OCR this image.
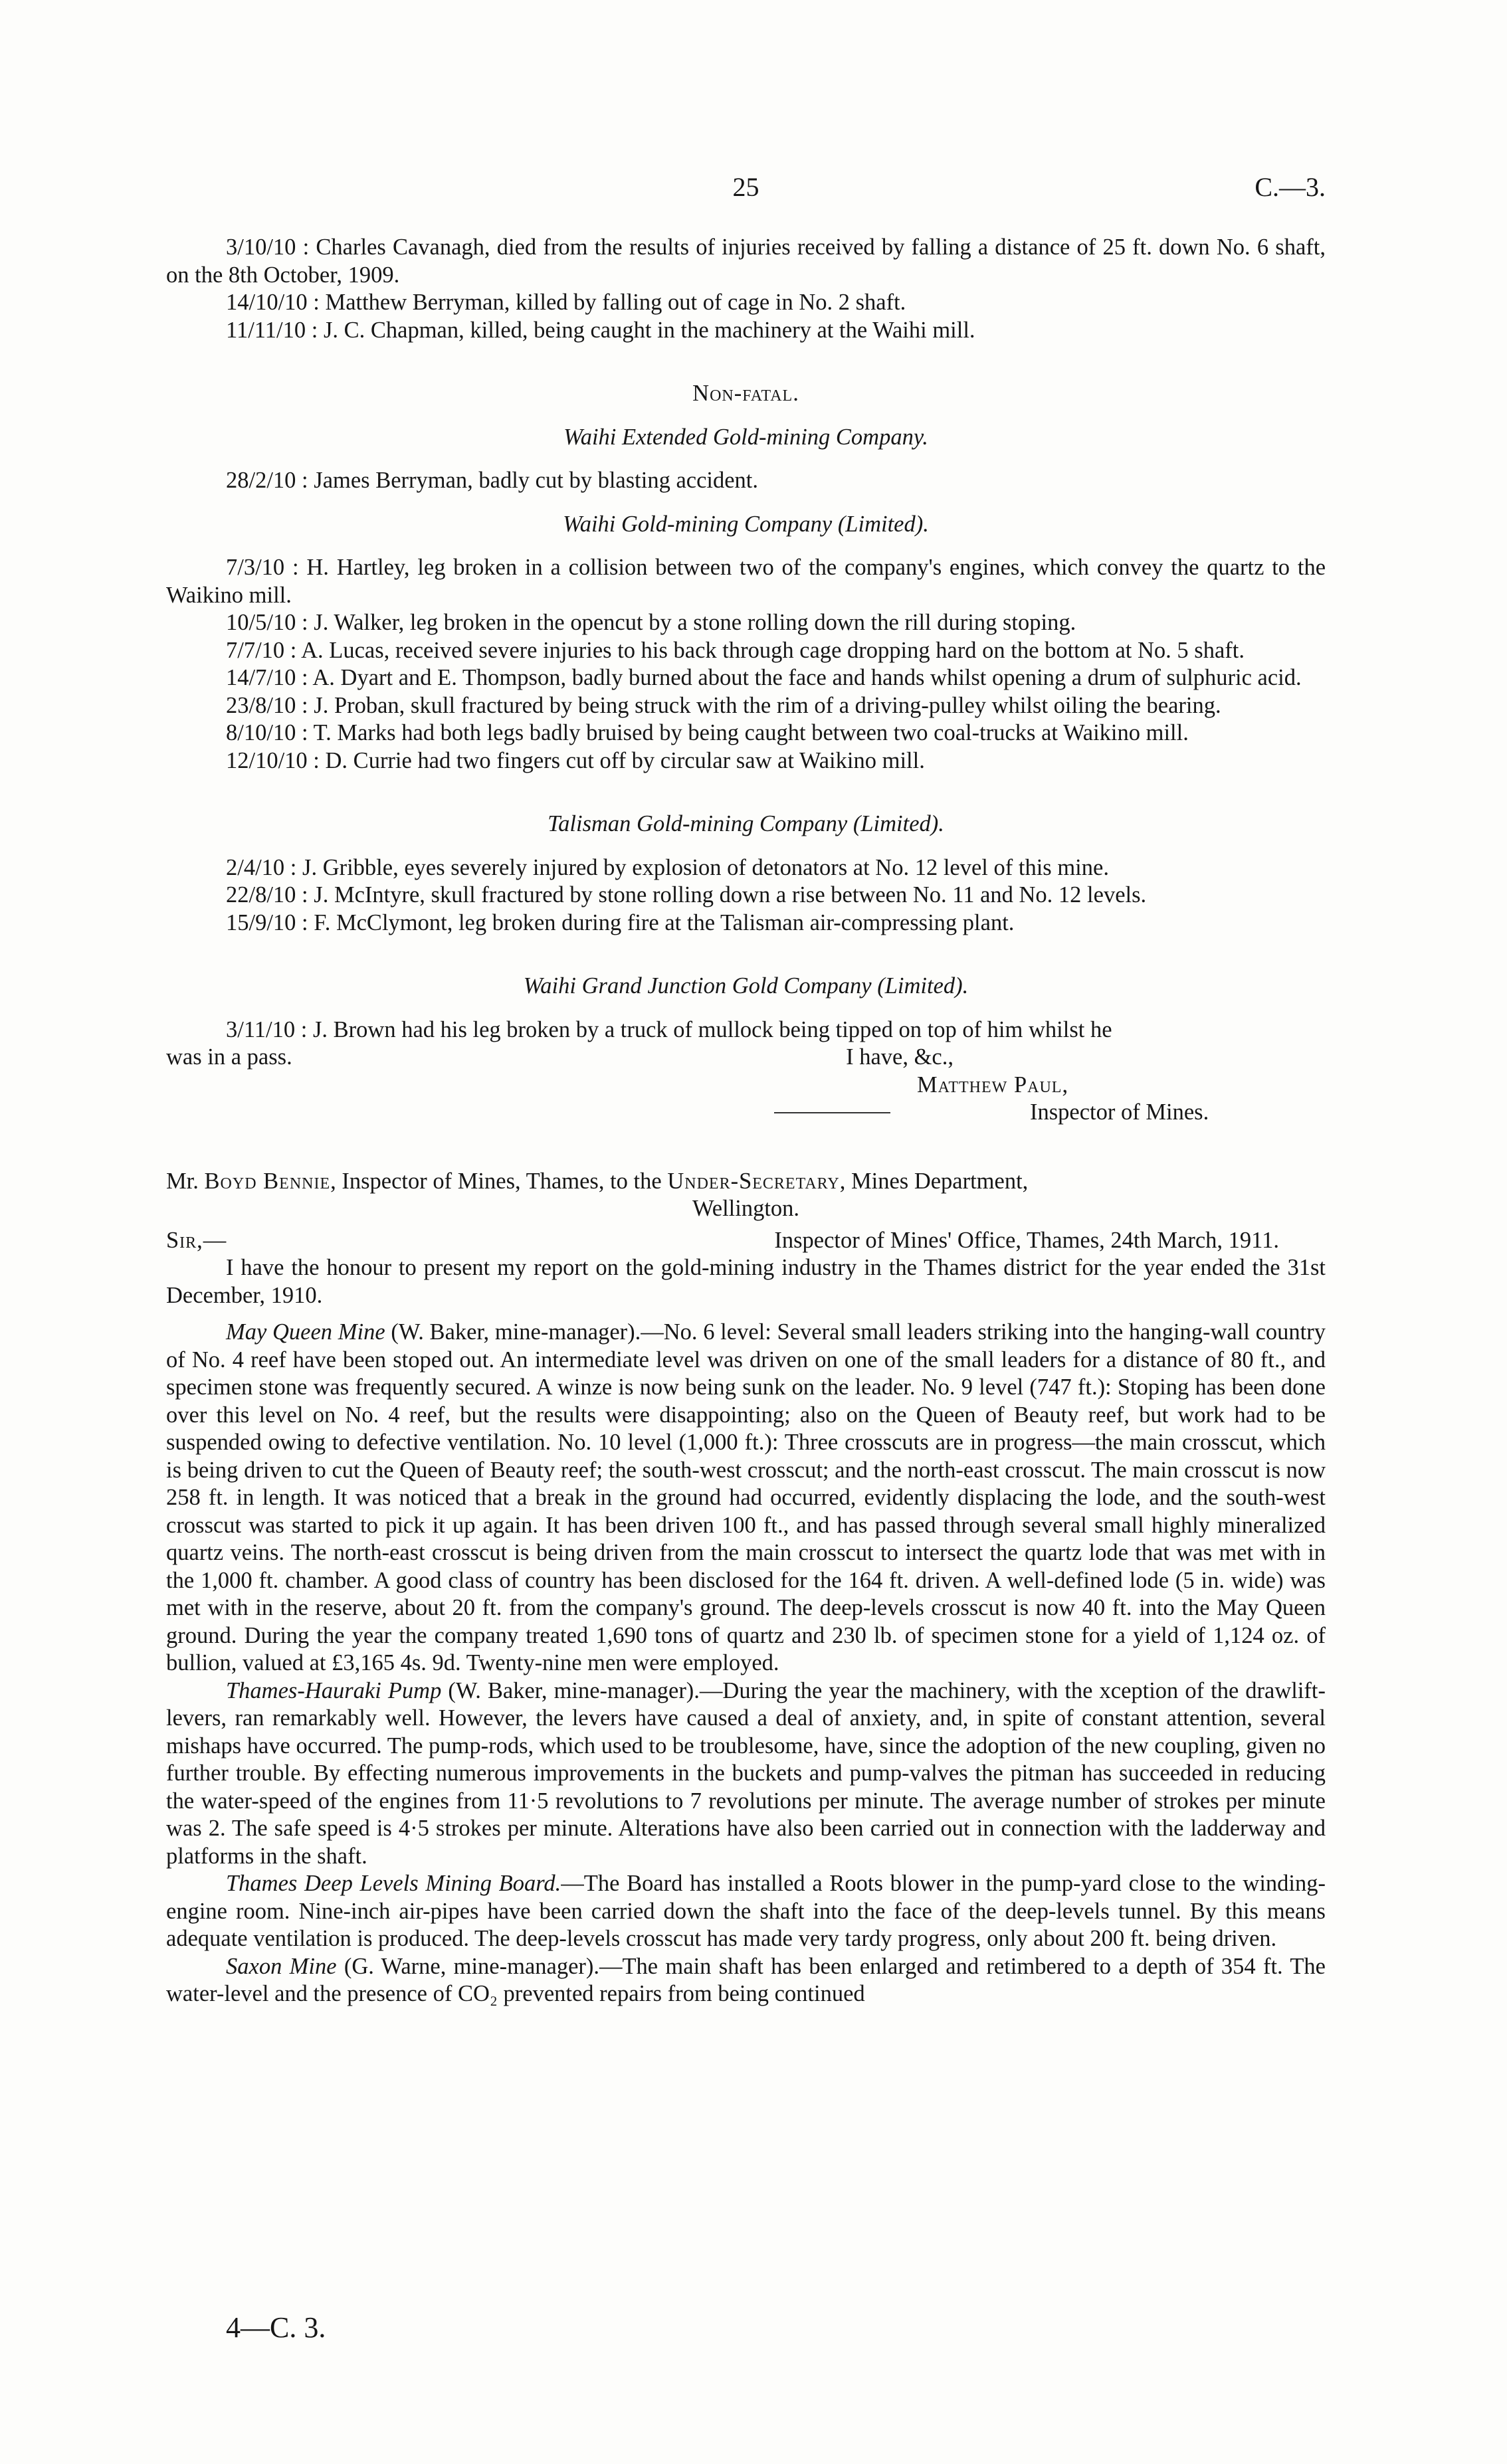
25	C.—3.

3/10/10 : Charles Cavanagh, died from the results of injuries received by falling a distance of 25 ft. down No. 6 shaft, on the 8th October, 1909.

14/10/10 : Matthew Berryman, killed by falling out of cage in No. 2 shaft.

11/11/10 : J. C. Chapman, killed, being caught in the machinery at the Waihi mill.

Non-fatal.

Waihi Extended Gold-mining Company.

28/2/10 : James Berryman, badly cut by blasting accident.

Waihi Gold-mining Company (Limited).

7/3/10 : H. Hartley, leg broken in a collision between two of the company's engines, which convey the quartz to the Waikino mill.

10/5/10 : J. Walker, leg broken in the opencut by a stone rolling down the rill during stoping.

7/7/10 : A. Lucas, received severe injuries to his back through cage dropping hard on the bottom at No. 5 shaft.

14/7/10 : A. Dyart and E. Thompson, badly burned about the face and hands whilst opening a drum of sulphuric acid.

23/8/10 : J. Proban, skull fractured by being struck with the rim of a driving-pulley whilst oiling the bearing.

8/10/10 : T. Marks had both legs badly bruised by being caught between two coal-trucks at Waikino mill.

12/10/10 : D. Currie had two fingers cut off by circular saw at Waikino mill.

Talisman Gold-mining Company (Limited).

2/4/10 : J. Gribble, eyes severely injured by explosion of detonators at No. 12 level of this mine.

22/8/10 : J. McIntyre, skull fractured by stone rolling down a rise between No. 11 and No. 12 levels.

15/9/10 : F. McClymont, leg broken during fire at the Talisman air-compressing plant.

Waihi Grand Junction Gold Company (Limited).

3/11/10 : J. Brown had his leg broken by a truck of mullock being tipped on top of him whilst he

was in a pass.	I have, &c.,

Matthew Paul,

Inspector of Mines.

Mr. Boyd Bennie, Inspector of Mines, Thames, to the Under-Secretary, Mines Department,

Wellington.

Sir,—	Inspector of Mines' Office, Thames, 24th March, 1911.

I have the honour to present my report on the gold-mining industry in the Thames district for the year ended the 31st December, 1910.

May Queen Mine (W. Baker, mine-manager).—No. 6 level: Several small leaders striking into the hanging-wall country of No. 4 reef have been stoped out. An intermediate level was driven on one of the small leaders for a distance of 80 ft., and specimen stone was frequently secured. A winze is now being sunk on the leader. No. 9 level (747 ft.): Stoping has been done over this level on No. 4 reef, but the results were disappointing; also on the Queen of Beauty reef, but work had to be suspended owing to defective ventilation. No. 10 level (1,000 ft.): Three crosscuts are in progress—the main crosscut, which is being driven to cut the Queen of Beauty reef; the south-west crosscut; and the north-east crosscut. The main crosscut is now 258 ft. in length. It was noticed that a break in the ground had occurred, evidently displacing the lode, and the south-west crosscut was started to pick it up again. It has been driven 100 ft., and has passed through several small highly mineralized quartz veins. The north-east crosscut is being driven from the main crosscut to intersect the quartz lode that was met with in the 1,000 ft. chamber. A good class of country has been disclosed for the 164 ft. driven. A well-defined lode (5 in. wide) was met with in the reserve, about 20 ft. from the company's ground. The deep-levels crosscut is now 40 ft. into the May Queen ground. During the year the company treated 1,690 tons of quartz and 230 lb. of specimen stone for a yield of 1,124 oz. of bullion, valued at £3,165 4s. 9d. Twenty-nine men were employed.

Thames-Hauraki Pump (W. Baker, mine-manager).—During the year the machinery, with the xception of the drawlift-levers, ran remarkably well. However, the levers have caused a deal of anxiety, and, in spite of constant attention, several mishaps have occurred. The pump-rods, which used to be troublesome, have, since the adoption of the new coupling, given no further trouble. By effecting numerous improvements in the buckets and pump-valves the pitman has succeeded in reducing the water-speed of the engines from 11·5 revolutions to 7 revolutions per minute. The average number of strokes per minute was 2. The safe speed is 4·5 strokes per minute. Alterations have also been carried out in connection with the ladderway and platforms in the shaft.

Thames Deep Levels Mining Board.—The Board has installed a Roots blower in the pump-yard close to the winding-engine room. Nine-inch air-pipes have been carried down the shaft into the face of the deep-levels tunnel. By this means adequate ventilation is produced. The deep-levels crosscut has made very tardy progress, only about 200 ft. being driven.

Saxon Mine (G. Warne, mine-manager).—The main shaft has been enlarged and retimbered to a depth of 354 ft. The water-level and the presence of CO₂ prevented repairs from being continued

4—C. 3.
